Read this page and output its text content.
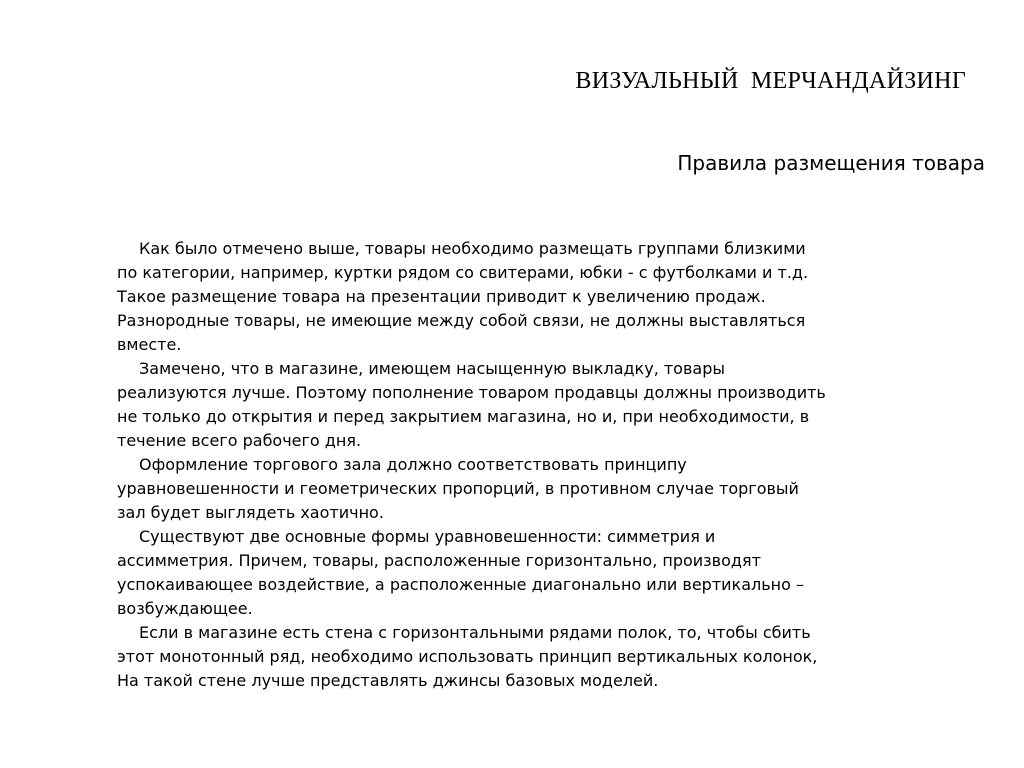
ВИЗУАЛЬНЫЙ МЕРЧАНДАЙЗИНГ
Правила размещения товара

Как было отмечено выше, товары необходимо размещать группами близкими
по категории, например, куртки рядом со свитерами, юбки - с футболками и т.д.
Такое размещение товара на презентации приводит к увеличению продаж.
Разнородные товары, не имеющие между собой связи, не должны выставляться
вместе.

Замечено, что в магазине, имеющем насыщенную выкладку, товары
реализуются лучше. Поэтому пополнение товаром продавцы должны производить
не только до открытия и перед закрытием магазина, но и, при необходимости, в
течение всего рабочего дня.

Оформление торгового зала должно соответствовать принципу
уравновешенности и геометрических пропорций, в противном случае торговый
зал будет выглядеть хаотично.

Существуют две основные формы уравновешенности: симметрия и
ассимметрия. Причем, товары, расположенные горизонтально, производят
успокаивающее воздействие, а расположенные диагонально или вертикально –
возбуждающее.

Если в магазине есть стена с горизонтальными рядами полок, то, чтобы сбить
этот монотонный ряд, необходимо использовать принцип вертикальных колонок,
На такой стене лучше представлять джинсы базовых моделей.
